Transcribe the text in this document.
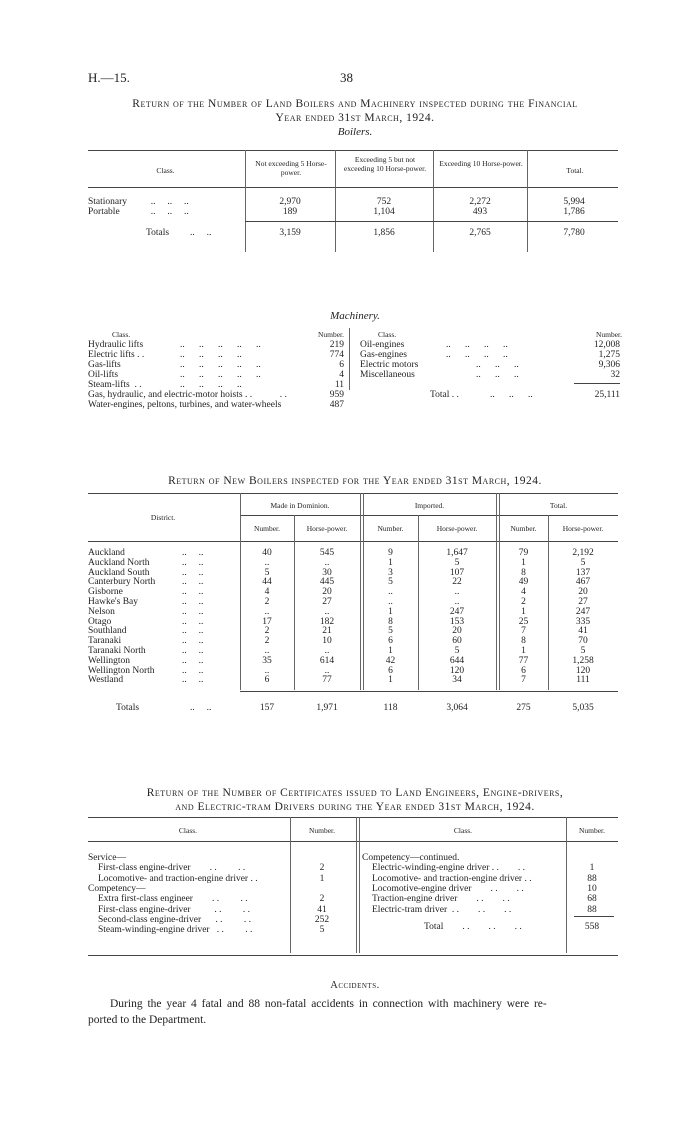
H.—15.	38
Return of the Number of Land Boilers and Machinery inspected during the Financial
Year ended 31st March, 1924.
Boilers.
Class.
Not exceeding 5 Horse-power.
Exceeding 5 but not exceeding 10 Horse-power.
Exceeding 10 Horse-power.
Total.
Stationary ..     ..     ..	2,970	752	2,272	5,994
Portable	..     ..     ..	189	1,104	493	1,786
Totals ..     ..	3,159	1,856	2,765	7,780
Machinery.
Class.	Number.
Hydraulic lifts	..      ..      ..      ..      ..	219
Electric lifts . .	..      ..      ..      ..	774
Gas-lifts	..      ..      ..      ..      ..	6
Oil-lifts	..      ..      ..      ..      ..	4
Steam-lifts  . .	..      ..      ..      ..	11
Gas, hydraulic, and electric-motor hoists . . . .	959
Water-engines, peltons, turbines, and water-wheels	487
Class.	Number.
Oil-engines	..      ..      ..      ..	12,008
Gas-engines	..      ..      ..      ..	1,275
Electric motors	..      ..      ..	9,306
Miscellaneous	..      ..      ..	32
Total . .	..      ..      ..	25,111
Return of New Boilers inspected for the Year ended 31st March, 1924.
District.
Made in Dominion.	Imported.	Total.
Number.	Horse-power.	Number.	Horse-power.	Number.	Horse-power.
Auckland	..     ..	40	545	9	1,647	79	2,192
Auckland North	..     ..	..	..	1	5	1	5
Auckland South	..     ..	5	30	3	107	8	137
Canterbury North	..     ..	44	445	5	22	49	467
Gisborne	..     ..	4	20	..	..	4	20
Hawke's Bay	..     ..	2	27	..	..	2	27
Nelson	..     ..	..	..	1	247	1	247
Otago	..     ..	17	182	8	153	25	335
Southland	..     ..	2	21	5	20	7	41
Taranaki	..     ..	2	10	6	60	8	70
Taranaki North	..     ..	..	..	1	5	1	5
Wellington	..     ..	35	614	42	644	77	1,258
Wellington North	..     ..	..	..	6	120	6	120
Westland	..     ..	6	77	1	34	7	111
Totals	..     ..	157	1,971	118	3,064	275	5,035
Return of the Number of Certificates issued to Land Engineers, Engine-drivers,
and Electric-tram Drivers during the Year ended 31st March, 1924.
Class.	Number.	Class.	Number.
Service—
First-class engine-driver        . .         . .	2
Locomotive- and traction-engine driver . .	1
Competency—
Extra first-class engineer        . .         . .	2
First-class engine-driver          . .         . .	41
Second-class engine-driver      . .         . .	252
Steam-winding-engine driver   . .         . .	5
Competency—continued.
Electric-winding-engine driver . .        . .	1
Locomotive- and traction-engine driver . .	88
Locomotive-engine driver        . .        . .	10
Traction-engine driver        . .        . .	68
Electric-tram driver  . .        . .        . .	88
Total        . .        . .        . .	558
Accidents.
During the year 4 fatal and 88 non-fatal accidents in connection with machinery were re-
ported to the Department.
